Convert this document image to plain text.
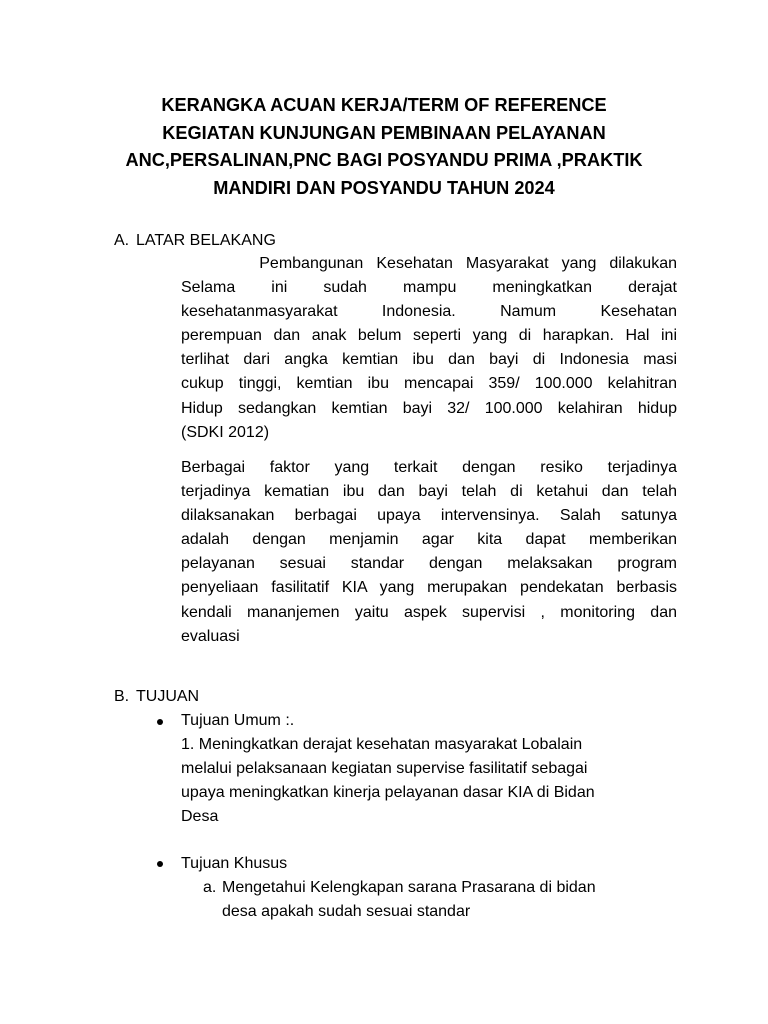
KERANGKA ACUAN KERJA/TERM OF REFERENCE
KEGIATAN KUNJUNGAN PEMBINAAN PELAYANAN
ANC,PERSALINAN,PNC BAGI POSYANDU PRIMA ,PRAKTIK
MANDIRI DAN POSYANDU TAHUN 2024
A. LATAR BELAKANG

Pembangunan Kesehatan Masyarakat yang dilakukan
Selama ini sudah mampu meningkatkan derajat
kesehatanmasyarakat Indonesia. Namum Kesehatan
perempuan dan anak belum seperti yang di harapkan. Hal ini
terlihat dari angka kemtian ibu dan bayi di Indonesia masi
cukup tinggi, kemtian ibu mencapai 359/ 100.000 kelahitran
Hidup sedangkan kemtian bayi 32/ 100.000 kelahiran hidup
(SDKI 2012)

Berbagai faktor yang terkait dengan resiko terjadinya
terjadinya kematian ibu dan bayi telah di ketahui dan telah
dilaksanakan berbagai upaya intervensinya. Salah satunya
adalah dengan menjamin agar kita dapat memberikan
pelayanan sesuai standar dengan melaksakan program
penyeliaan fasilitatif KIA yang merupakan pendekatan berbasis
kendali mananjemen yaitu aspek supervisi , monitoring dan
evaluasi

B. TUJUAN
Tujuan Umum :.

1. Meningkatkan derajat kesehatan masyarakat Lobalain
melalui pelaksanaan kegiatan supervise fasilitatif sebagai
upaya meningkatkan kinerja pelayanan dasar KIA di Bidan
Desa

Tujuan Khusus

a. Mengetahui Kelengkapan sarana Prasarana di bidan
desa apakah sudah sesuai standar
